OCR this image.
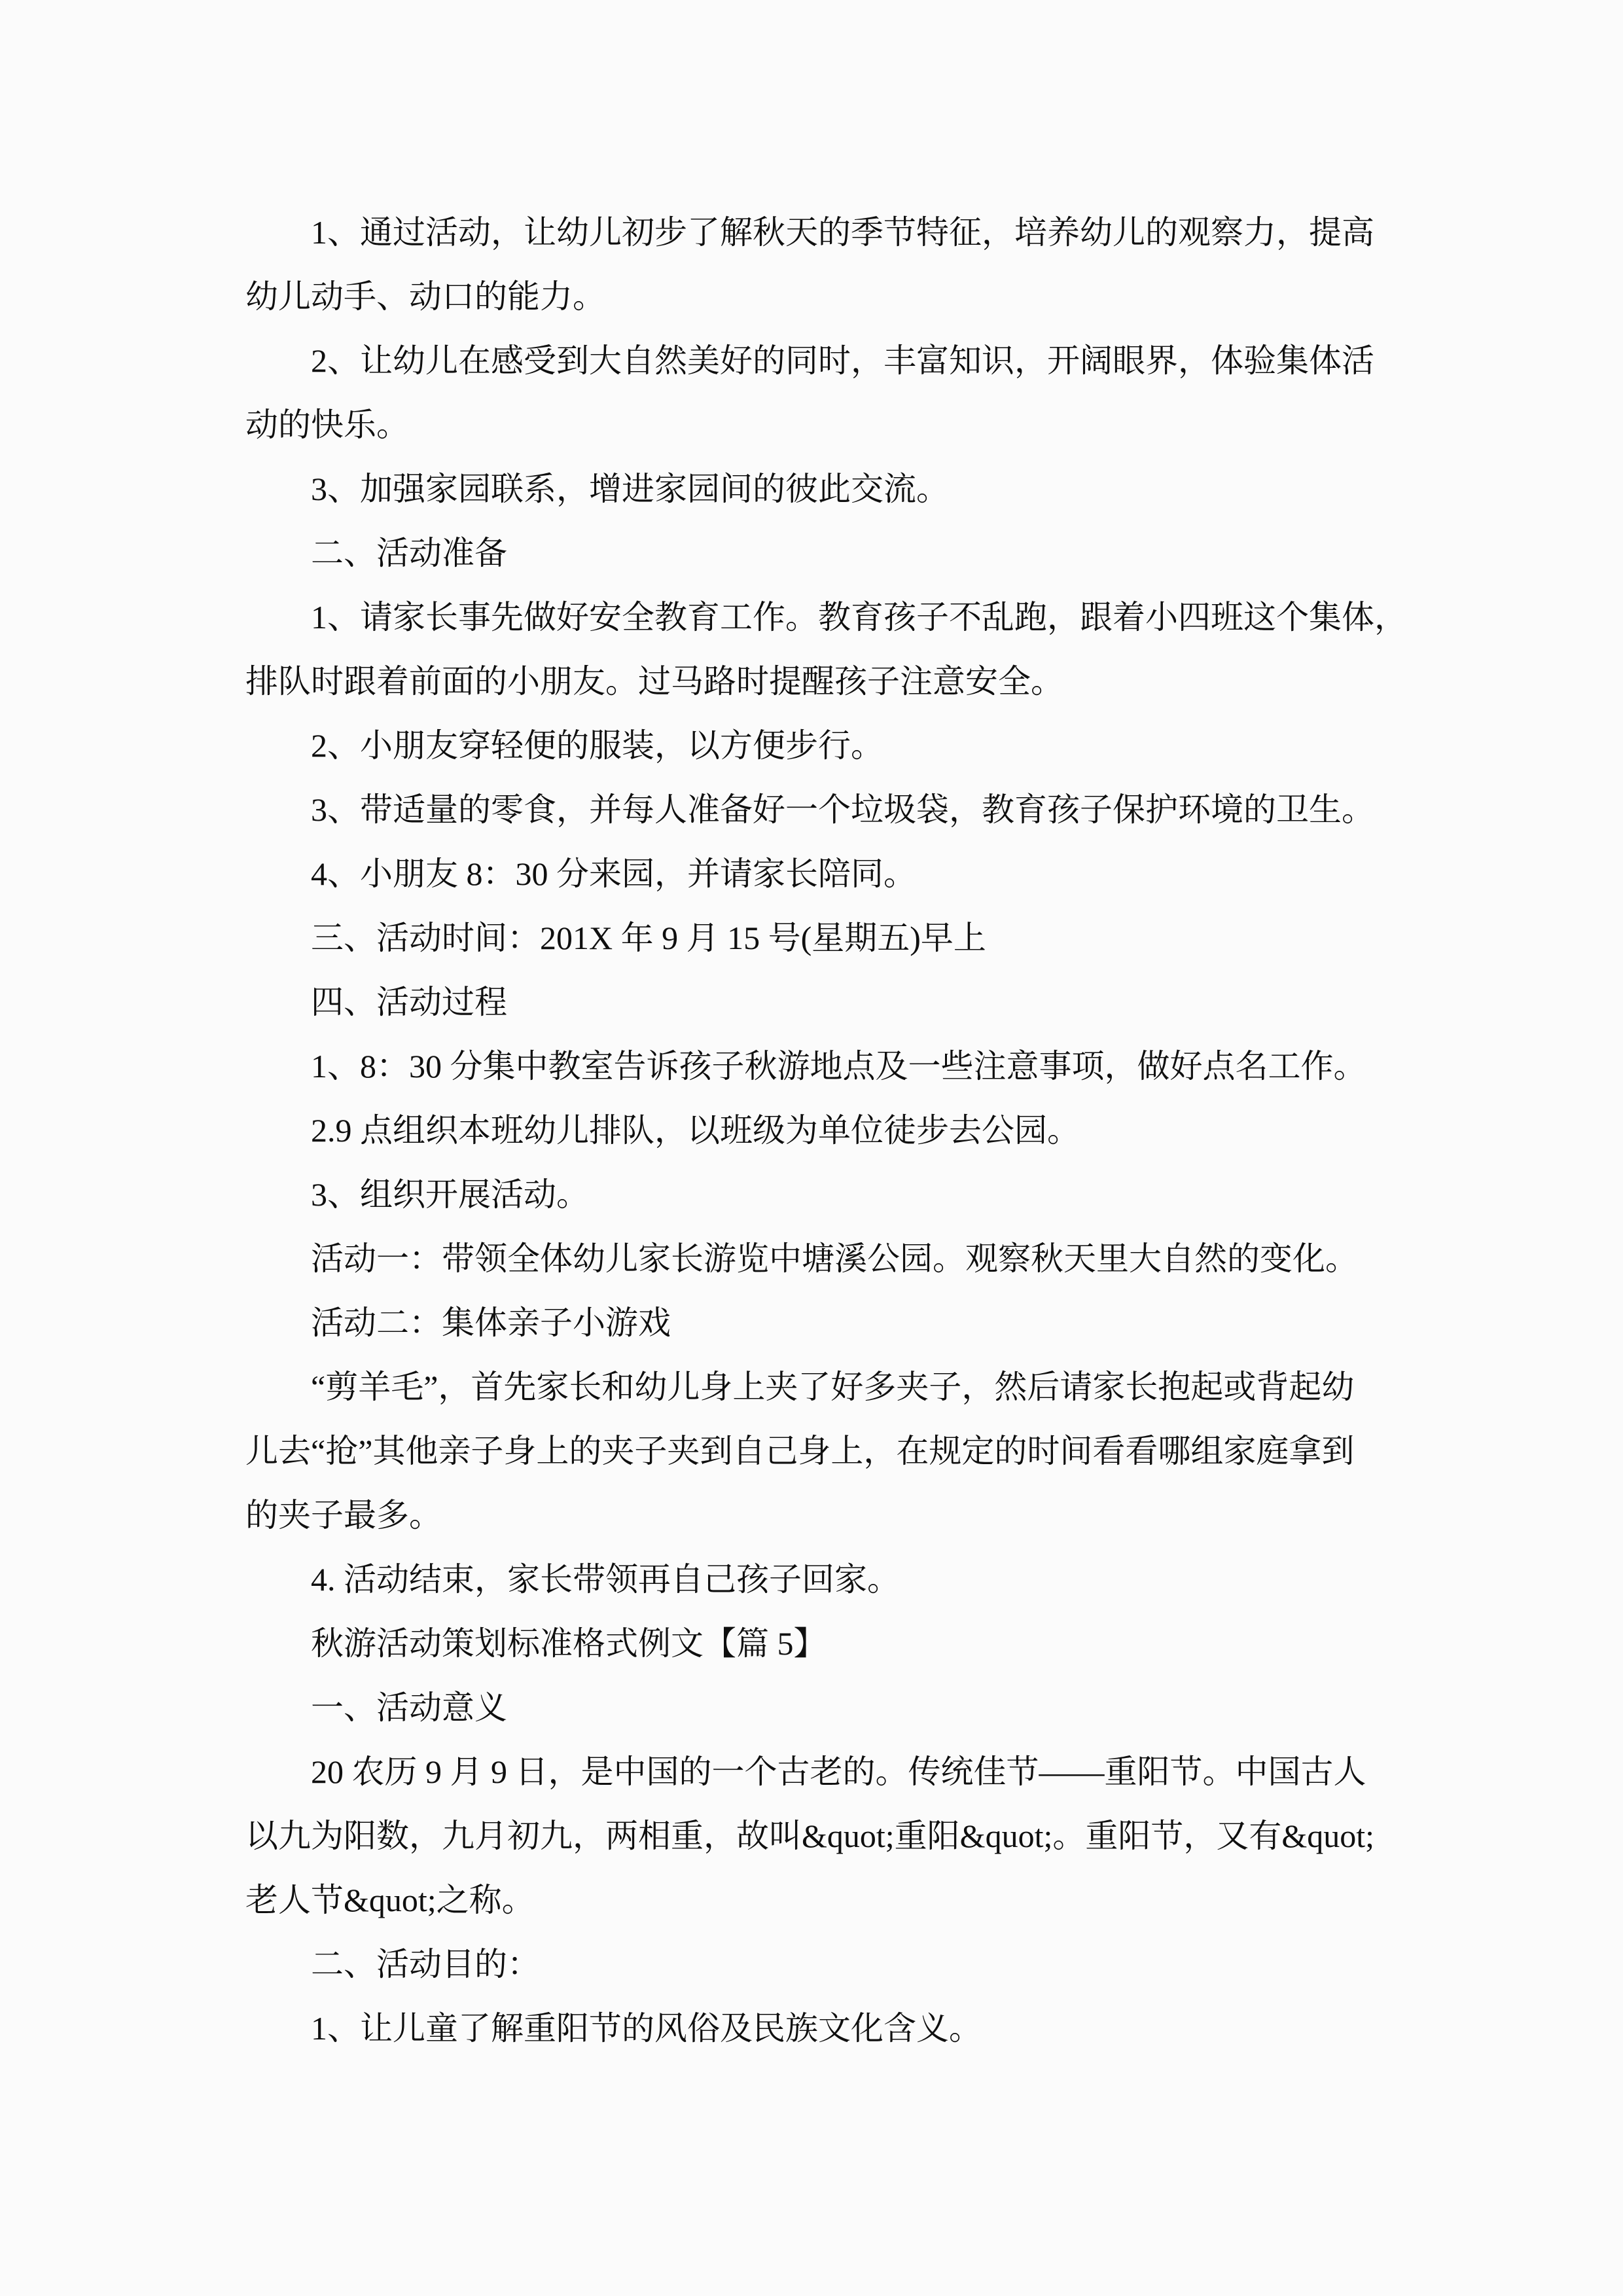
1、通过活动，让幼儿初步了解秋天的季节特征，培养幼儿的观察力，提高
幼儿动手、动口的能力。
2、让幼儿在感受到大自然美好的同时，丰富知识，开阔眼界，体验集体活
动的快乐。
3、加强家园联系，增进家园间的彼此交流。
二、活动准备
1、请家长事先做好安全教育工作。教育孩子不乱跑，跟着小四班这个集体，
排队时跟着前面的小朋友。过马路时提醒孩子注意安全。
2、小朋友穿轻便的服装，以方便步行。
3、带适量的零食，并每人准备好一个垃圾袋，教育孩子保护环境的卫生。
4、小朋友 8：30 分来园，并请家长陪同。
三、活动时间：201X 年 9 月 15 号(星期五)早上
四、活动过程
1、8：30 分集中教室告诉孩子秋游地点及一些注意事项，做好点名工作。
2.9 点组织本班幼儿排队，以班级为单位徒步去公园。
3、组织开展活动。
活动一：带领全体幼儿家长游览中塘溪公园。观察秋天里大自然的变化。
活动二：集体亲子小游戏
“剪羊毛”，首先家长和幼儿身上夹了好多夹子，然后请家长抱起或背起幼
儿去“抢”其他亲子身上的夹子夹到自己身上，在规定的时间看看哪组家庭拿到
的夹子最多。
4. 活动结束，家长带领再自己孩子回家。
秋游活动策划标准格式例文【篇 5】
一、活动意义
20 农历 9 月 9 日，是中国的一个古老的。传统佳节——重阳节。中国古人
以九为阳数，九月初九，两相重，故叫&quot;重阳&quot;。重阳节，又有&quot;
老人节&quot;之称。
二、活动目的：
1、让儿童了解重阳节的风俗及民族文化含义。
